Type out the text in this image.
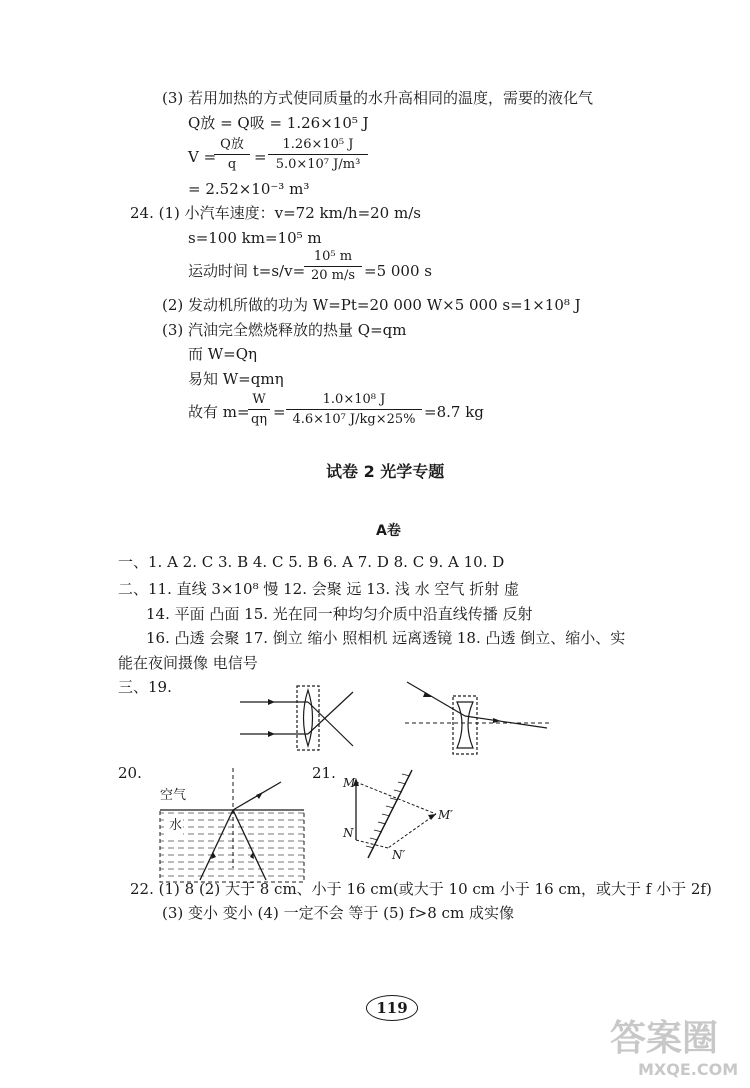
(3) 若用加热的方式使同质量的水升高相同的温度，需要的液化气
Q放 = Q吸 = 1.26×10⁵ J
V =
Q放
q	=
1.26×10⁵ J
5.0×10⁷ J/m³
= 2.52×10⁻³ m³
24. (1) 小汽车速度：v=72 km/h=20 m/s
s=100 km=10⁵ m
运动时间 t=s/v=
10⁵ m
20 m/s =5 000 s
(2) 发动机所做的功为 W=Pt=20 000 W×5 000 s=1×10⁸ J
(3) 汽油完全燃烧释放的热量 Q=qm
而 W=Qη
易知 W=qmη
故有 m=
W
qη =
1.0×10⁸ J
4.6×10⁷ J/kg×25% =8.7 kg
试卷 2 光学专题
A卷
一、1. A 2. C 3. B 4. C 5. B 6. A 7. D 8. C 9. A 10. D
二、11. 直线 3×10⁸ 慢 12. 会聚 远 13. 浅 水 空气 折射 虚
14. 平面 凸面 15. 光在同一种均匀介质中沿直线传播 反射
16. 凸透 会聚 17. 倒立 缩小 照相机 远离透镜 18. 凸透 倒立、缩小、实
能在夜间摄像 电信号
三、19.
20.
空气
水
21.
M
N
M′
N′
22. (1) 8 (2) 大于 8 cm、小于 16 cm(或大于 10 cm 小于 16 cm，或大于 f 小于 2f)
(3) 变小 变小 (4) 一定不会 等于 (5) f>8 cm 成实像
119
答案圈
MXQE.COM
